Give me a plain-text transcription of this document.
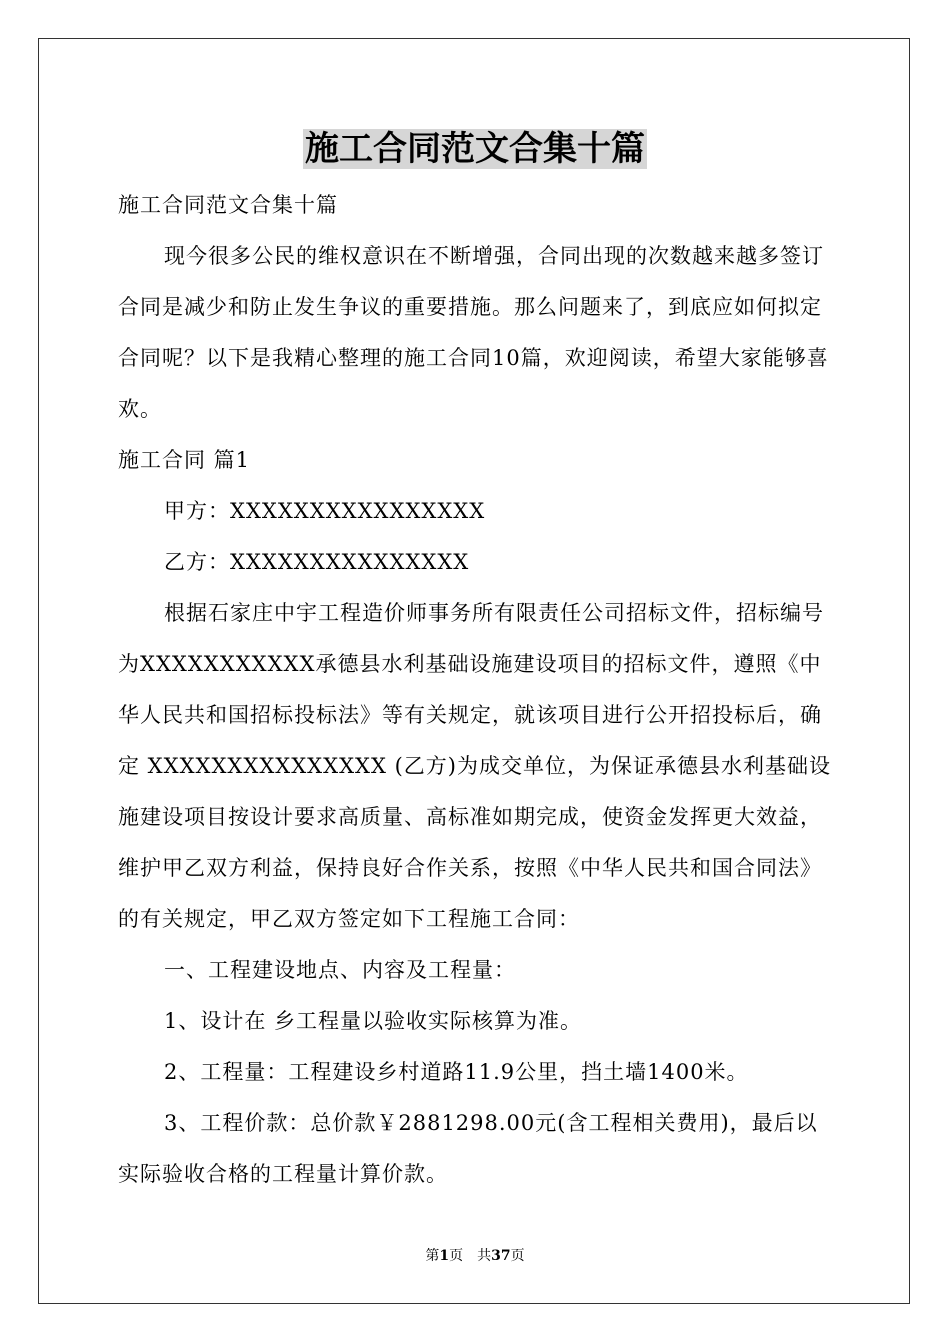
施工合同范文合集十篇

施工合同范文合集十篇

现今很多公民的维权意识在不断增强，合同出现的次数越来越多签订合同是减少和防止发生争议的重要措施。那么问题来了，到底应如何拟定合同呢？以下是我精心整理的施工合同10篇，欢迎阅读，希望大家能够喜欢。

施工合同 篇1

甲方：XXXXXXXXXXXXXXXX

乙方：XXXXXXXXXXXXXXX

根据石家庄中宇工程造价师事务所有限责任公司招标文件，招标编号为XXXXXXXXXXX承德县水利基础设施建设项目的招标文件，遵照《中华人民共和国招标投标法》等有关规定，就该项目进行公开招投标后，确定 XXXXXXXXXXXXXXX (乙方)为成交单位，为保证承德县水利基础设施建设项目按设计要求高质量、高标准如期完成，使资金发挥更大效益，维护甲乙双方利益，保持良好合作关系，按照《中华人民共和国合同法》的有关规定，甲乙双方签定如下工程施工合同：

一、工程建设地点、内容及工程量：

1、设计在 乡工程量以验收实际核算为准。

2、工程量：工程建设乡村道路11.9公里，挡土墙1400米。

3、工程价款：总价款￥2881298.00元(含工程相关费用)，最后以实际验收合格的工程量计算价款。

第1页　共37页
